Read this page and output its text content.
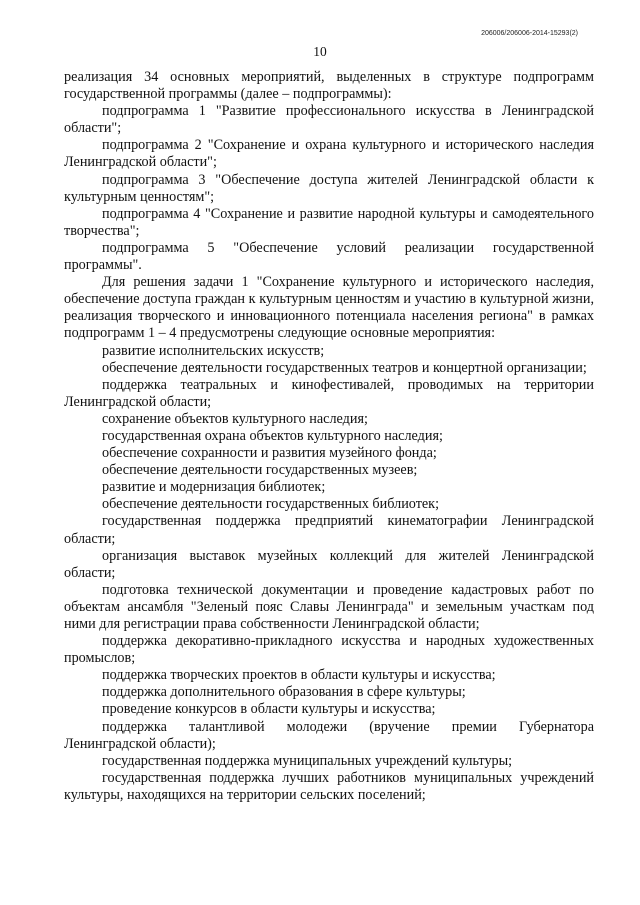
206006/206006-2014-15293(2)
10

реализация 34 основных мероприятий, выделенных в структуре подпрограмм государственной программы (далее – подпрограммы):

подпрограмма 1 "Развитие профессионального искусства в Ленинградской области";

подпрограмма 2 "Сохранение и охрана культурного и исторического наследия Ленинградской области";

подпрограмма 3 "Обеспечение доступа жителей Ленинградской области к культурным ценностям";

подпрограмма 4 "Сохранение и развитие народной культуры и самодеятельного творчества";

подпрограмма 5 "Обеспечение условий реализации государственной программы".

Для решения задачи 1 "Сохранение культурного и исторического наследия, обеспечение доступа граждан к культурным ценностям и участию в культурной жизни, реализация творческого и инновационного потенциала населения региона" в рамках подпрограмм 1 – 4 предусмотрены следующие основные мероприятия:

развитие исполнительских искусств;

обеспечение деятельности государственных театров и концертной организации;

поддержка театральных и кинофестивалей, проводимых на территории Ленинградской области;

сохранение объектов культурного наследия;

государственная охрана объектов культурного наследия;

обеспечение сохранности и развития музейного фонда;

обеспечение деятельности государственных музеев;

развитие и модернизация библиотек;

обеспечение деятельности государственных библиотек;

государственная поддержка предприятий кинематографии Ленинградской области;

организация выставок музейных коллекций для жителей Ленинградской области;

подготовка технической документации и проведение кадастровых работ по объектам ансамбля "Зеленый пояс Славы Ленинграда" и земельным участкам под ними для регистрации права собственности Ленинградской области;

поддержка декоративно-прикладного искусства и народных художественных промыслов;

поддержка творческих проектов в области культуры и искусства;

поддержка дополнительного образования в сфере культуры;

проведение конкурсов в области культуры и искусства;

поддержка талантливой молодежи (вручение премии Губернатора Ленинградской области);

государственная поддержка муниципальных учреждений культуры;

государственная поддержка лучших работников муниципальных учреждений культуры, находящихся на территории сельских поселений;
